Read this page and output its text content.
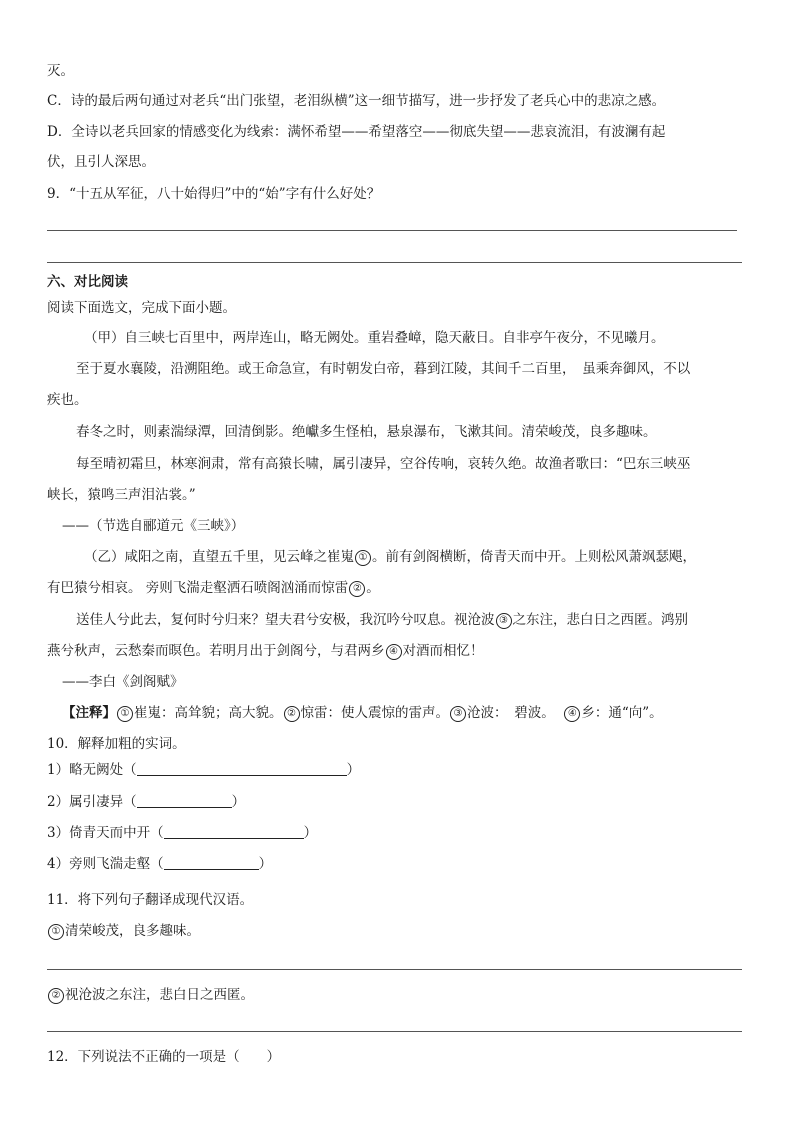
灭。
C．诗的最后两句通过对老兵“出门张望，老泪纵横”这一细节描写，进一步抒发了老兵心中的悲凉之感。
D．全诗以老兵回家的情感变化为线索：满怀希望——希望落空——彻底失望——悲哀流泪，有波澜有起
伏，且引人深思。
9．“十五从军征，八十始得归”中的“始”字有什么好处？
六、对比阅读
阅读下面选文，完成下面小题。
（甲）自三峡七百里中，两岸连山，略无阙处。重岩叠嶂，隐天蔽日。自非亭午夜分，不见曦月。
至于夏水襄陵，沿溯阻绝。或王命急宣，有时朝发白帝，暮到江陵，其间千二百里，　虽乘奔御风，不以
疾也。
春冬之时，则素湍绿潭，回清倒影。绝巘多生怪柏，悬泉瀑布，飞漱其间。清荣峻茂，良多趣味。
每至晴初霜旦，林寒涧肃，常有高猿长啸，属引凄异，空谷传响，哀转久绝。故渔者歌曰：“巴东三峡巫
峡长，猿鸣三声泪沾裳。”
——（节选自郦道元《三峡》）
（乙）咸阳之南，直望五千里，见云峰之崔嵬 ① 。前有剑阁横断，倚青天而中开。上则松风萧飒瑟飓，
有巴猿兮相哀。 旁则飞湍走壑洒石喷阁汹涌而惊雷 ② 。
送佳人兮此去，复何时兮归来？望夫君兮安极，我沉吟兮叹息。视沧波 ③ 之东注，悲白日之西匿。鸿别
燕兮秋声，云愁秦而暝色。若明月出于剑阁兮，与君两乡 ④ 对酒而相忆！
——李白《剑阁赋》
【注释】 ① 崔嵬：高耸貌；高大貌。 ② 惊雷：使人震惊的雷声。 ③ 沧波：　碧波。 ④ 乡：通“向”。
10．解释加粗的实词。
1）略无阙处（	）
2）属引凄异（	）
3）倚青天而中开（	）
4）旁则飞湍走壑（	）
11．将下列句子翻译成现代汉语。
① 清荣峻茂，良多趣味。
② 视沧波之东注，悲白日之西匿。
12．下列说法不正确的一项是（　　）
